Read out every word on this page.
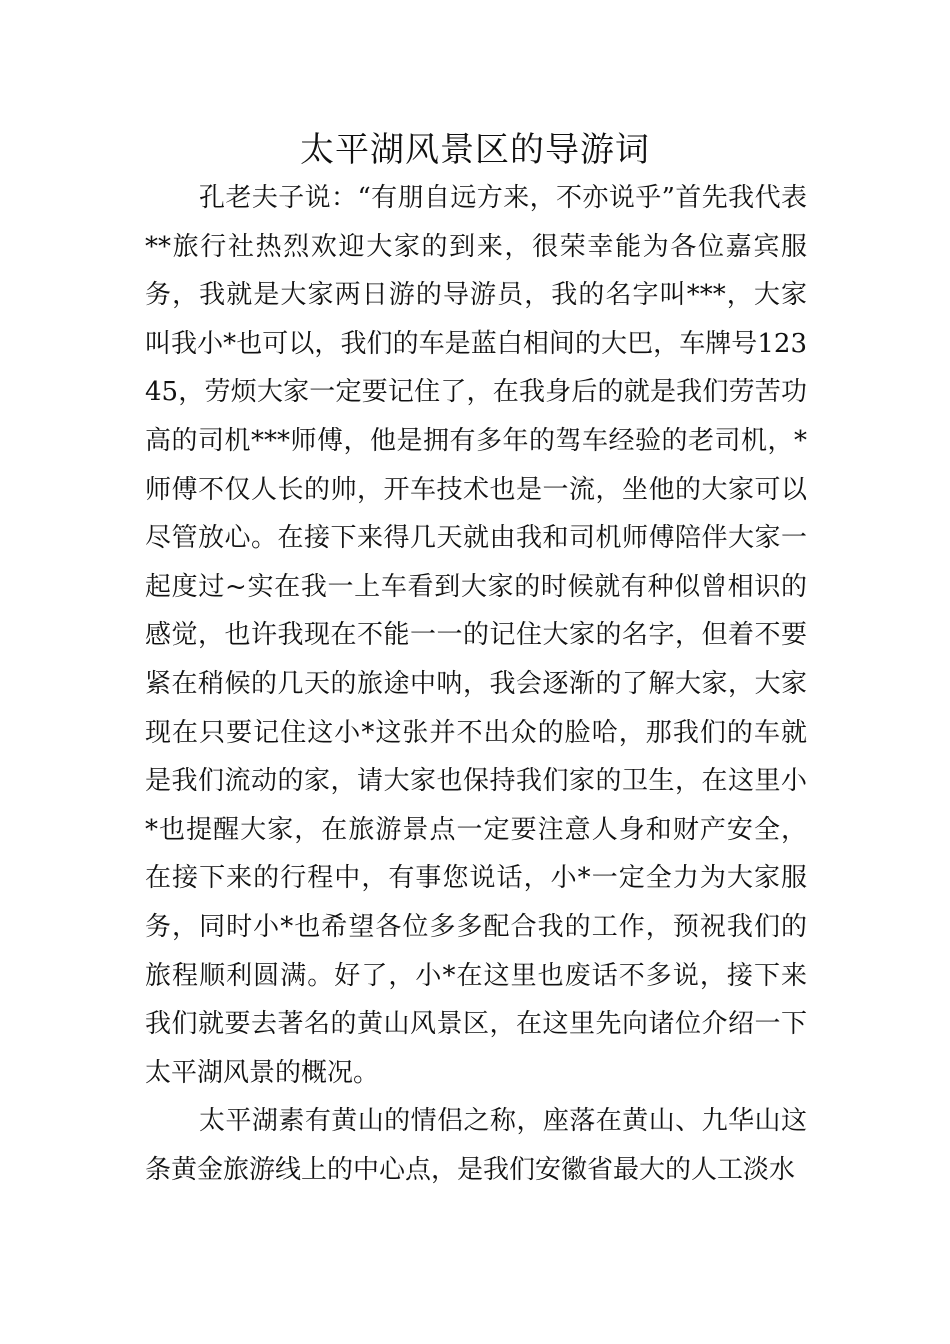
太平湖风景区的导游词

孔老夫子说：“有朋自远方来，不亦说乎”首先我代表**旅行社热烈欢迎大家的到来，很荣幸能为各位嘉宾服务，我就是大家两日游的导游员，我的名字叫***，大家叫我小*也可以，我们的车是蓝白相间的大巴，车牌号12345，劳烦大家一定要记住了，在我身后的就是我们劳苦功高的司机***师傅，他是拥有多年的驾车经验的老司机，*师傅不仅人长的帅，开车技术也是一流，坐他的大家可以尽管放心。在接下来得几天就由我和司机师傅陪伴大家一起度过~实在我一上车看到大家的时候就有种似曾相识的感觉，也许我现在不能一一的记住大家的名字，但着不要紧在稍候的几天的旅途中呐，我会逐渐的了解大家，大家现在只要记住这小*这张并不出众的脸哈，那我们的车就是我们流动的家，请大家也保持我们家的卫生，在这里小*也提醒大家，在旅游景点一定要注意人身和财产安全，在接下来的行程中，有事您说话，小*一定全力为大家服务，同时小*也希望各位多多配合我的工作，预祝我们的旅程顺利圆满。好了，小*在这里也废话不多说，接下来我们就要去著名的黄山风景区，在这里先向诸位介绍一下太平湖风景的概况。

太平湖素有黄山的情侣之称，座落在黄山、九华山这条黄金旅游线上的中心点，是我们安徽省最大的人工淡水
